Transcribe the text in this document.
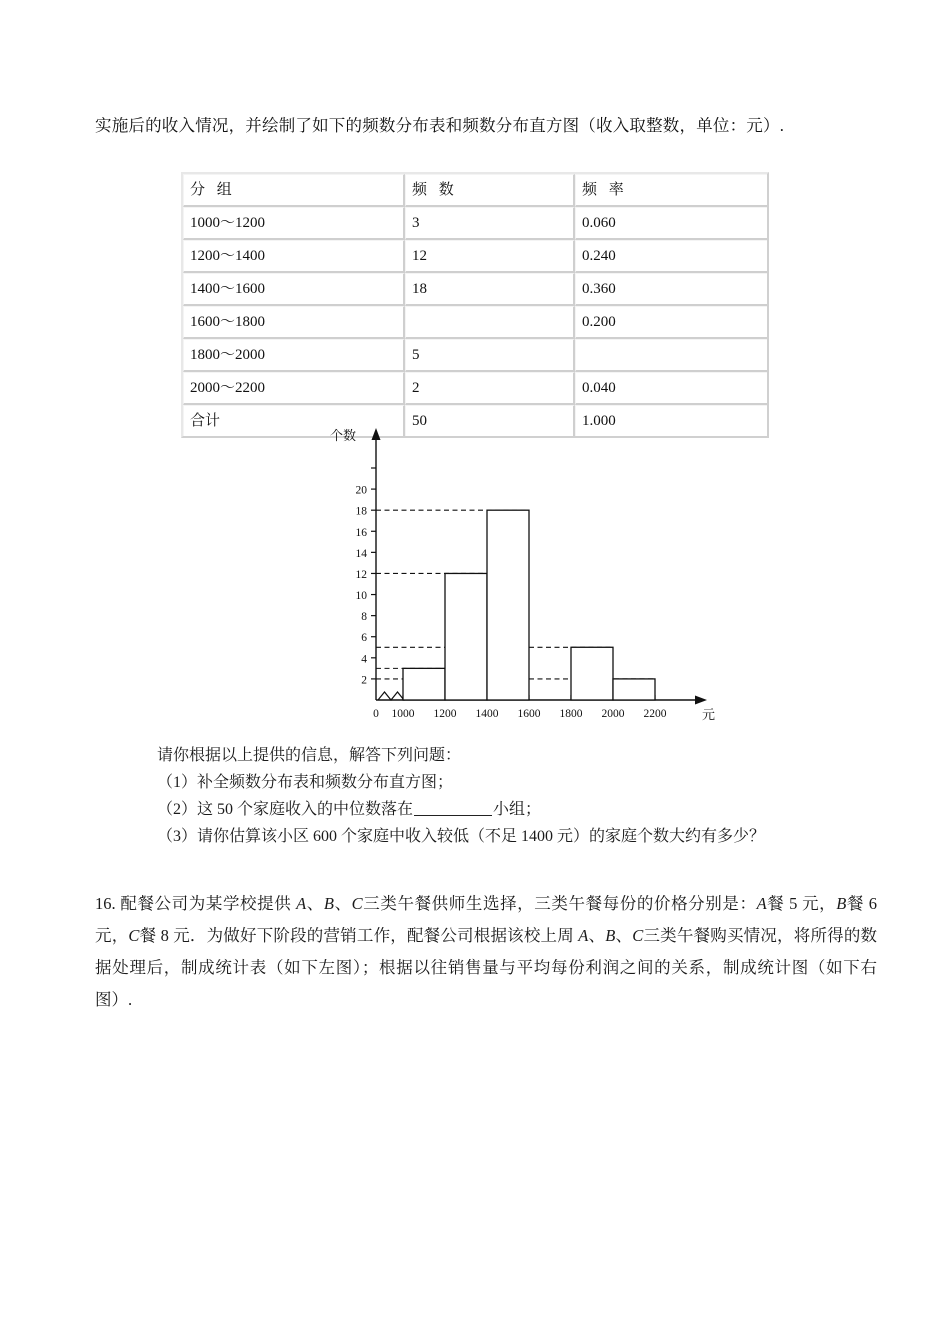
实施后的收入情况，并绘制了如下的频数分布表和频数分布直方图（收入取整数，单位：元）.
分 组	频 数	频 率
1000～1200	3	0.060
1200～1400	12	0.240
1400～1600	18	0.360
1600～1800		0.200
1800～2000	5	
2000～2200	2	0.040
合计	50	1.000
2
4
6
8
10
12
14
16
18
20
0 1000 1200 1400 1600 1800 2000 2200
个数
元
请你根据以上提供的信息，解答下列问题：
（1）补全频数分布表和频数分布直方图；
（2）这 50 个家庭收入的中位数落在	小组；
（3）请你估算该小区 600 个家庭中收入较低（不足 1400 元）的家庭个数大约有多少？
16. 配餐公司为某学校提供 A、B、C三类午餐供师生选择，三类午餐每份的价格分别是：A餐 5 元，B餐 6 元，C餐 8 元．为做好下阶段的营销工作，配餐公司根据该校上周 A、B、C三类午餐购买情况，将所得的数据处理后，制成统计表（如下左图）；根据以往销售量与平均每份利润之间的关系，制成统计图（如下右图）.
